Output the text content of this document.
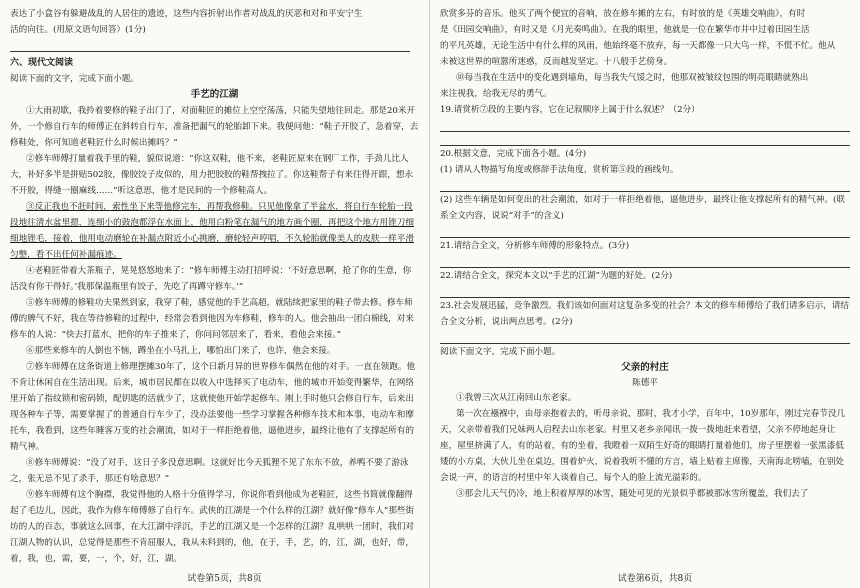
表达了小盒谷有躲避战乱的人居住的遗迹，这些内容折射出作者对战乱的厌恶和对和平安宁生

活的向往。(用原文语句回答）(1分)

六、现代文阅读

阅读下面的文字，完成下面小题。

手艺的江湖

①大雨初歇，我拎着要修的鞋子出门了，对面鞋匠的摊位上空空荡荡，只能失望地往回走。那是20米开外，一个修自行车的师傅正在斜转自行车，准备把漏气的轮胎卸下来。我便问他：“鞋子开胶了，急着穿，去修鞋处，你可知道老鞋匠什么时候出摊吗？”

②修车师傅打量着我手里的鞋，貌似说道：“你这双鞋，他不来，老鞋匠原来在钢厂工作，手劲儿比人大，补好多半是拼贴502胶，像胶饺子皮似的，用力把胶胶的鞋帮拽拉了。你这鞋帮子有来往得开跟，想永不开胶，得缝一圈麻线……”听这意思，他才是民间的一个修鞋高人。

③反正我也不赶时间，索性坐下来等他修完车，再帮我修鞋。只见他像拿了半盆水，将自行车轮胎一段段地往清水盆里摁，连细小的鼓泡都浮在水面上，他用白粉笔在漏气的地方画个圈，再把这个地方用锉刀细细地锉毛，接着，他用电动磨轮在补漏点附近小心挑磨，磨轮轻声哼唱，不久轮胎就像美人的皮肤一样平滑匀整，看不出任何补漏痕迹。

④老鞋匠带着大茶瓶子，晃晃悠悠地来了：“修车师傅主动打招呼说：‘不好意思啊，抢了你的生意，你活没有你干得好。’我那保温瓶里有饺子，先吃了再蹲守修车。’”

⑤修车师傅的修鞋功夫果然到家，我穿了鞋，感觉他的手艺高超，就陆续把家里的鞋子带去修。修车师傅的脾气不好，我在等待修鞋的过程中，经常会看到他因为车修鞋，修车的人。他会抽出一团白棉线，对来修车的人说：“快去打蓝水，把你的车子推来了，你问问邻居来了，看来，看他会来接。”

⑥那些来修车的人倒也不恼，蹲坐在小马扎上，哪怕出门来了，也许，他会来接。

⑦修车师傅在这条街道上修理摆摊30年了，这个日新月异的世界修车偶然在他的对手。一直在领跑。他不肯让休闲自在生活出现。后来，城市居民都在以收入中选择买了电动车，他的城市开始变得繁华，在网络里开始了指纹锁和密码锁，配钥匙的活就少了，这就使他开始学起修车。刚上手时他只会修自行车，后来出现各种车子等，需要掌握了的普通自行车少了，没办法要他一些学习掌握各种修车技术和本事，电动车和摩托车，我看到，这些年睡客万变的社会潮流，如对于一样拒绝着他，逼他进步，最终让他有了支撑起所有的精气神。

⑧修车师傅说：“没了对手，这日子多没意思啊。这就好比今天狐狸不见了东东不放，养鸭不要了游泳之，张无忌不见了杀手，那还有啥意思？”

⑨修车师傅有这个胸襟，我觉得他的人格十分值得学习，你说你看到他成为老鞋匠，这些书简就像翻得起了毛边儿，因此，我作为修车师傅修了自行车。武侠的江湖是一个什么样的江湖？就好像“修车人”那些街坊的人的百态，事就这么回事，在大江湖中浮沉，手艺的江湖又是一个怎样的江湖？乱哄哄一团时，我们对江湖人物的认识，总觉得是那些不肯屈服人，我从未料到的，他，在于，手，艺，的，江，湖，也好，带，着，我，也，需，要，一，个，好，江，湖。

试卷第5页，共8页

欣赏多芬的音乐。他买了两个便宜的音响，放在修车摊的左右，有时放的是《英雄交响曲》，有时

是《田园交响曲》，有时又是《月光奏鸣曲》。在我的眼里，他就是一位在繁华市井中过着田园生活

的平凡英雄，无论生活中有什么样的风雨，他始终毫不放弃，每一天都像一只大鸟一样，不慌不忙。他从

未被这世界的喧嚣所迷惑，反而越发坚定。十八般手艺傍身。

⑩每当我在生活中的变化遇到墙角，每当我失气馁之时，他那双被皱纹包围的明亮眼睛就熟出

来注视我，给我无尽的勇气。

19.请赏析⑦段的主要内容，它在记叙顺序上属于什么叙述？（2分）

20.根据文意，完成下面各小题。(4分)

(1) 请从人物描写角度或修辞手法角度，赏析第⑤段的画线句。

(2) 这些车辆是如何变出的社会潮流，如对于一样拒绝着他，逼他进步，最终让他支撑起所有的精气神。(联系全文内容，说说“对手”的含义)

21.请结合全文，分析修车师傅的形象特点。(3分)

22.请结合全文，探究本文以“手艺的江湖”为题的好处。(2分)

23.社会发展迅猛，竞争激烈。我们该如何面对这复杂多变的社会？本文的修车师傅给了我们请多启示，请结合全文分析，说出两点思考。(2分)

阅读下面文字，完成下面小题。

父亲的村庄

陈德平

①我曾三次从江南回山东老家。

第一次在襁褓中，由母亲抱着去的，听母亲说，那时，我才小学，百年中，10岁那年，刚过完春节没几天，父亲带着我们兄妹两人启程去山东老家。村里又老乡亲闻讯一拨一拨地赶来看望，父亲不停地起身让座，屋里挤满了人，有的站着，有的坐着，我瞪着一双陌生好奇的眼睛打量着他们，房子里摆着一张黑漆低矮的小方桌，大伙儿坐在桌边，围着炉火，说着我听不懂的方言，墙上贴着主席像，天南海北唠嗑，在别处会说一声，的语言的村里中年人谈着自己，每个人的脸上流光溢彩的。

③那会儿天气仍冷，地上积着厚厚的冰雪，随处可见的光景似乎都被那冰雪所覆盖，我们去了

试卷第6页，共8页
